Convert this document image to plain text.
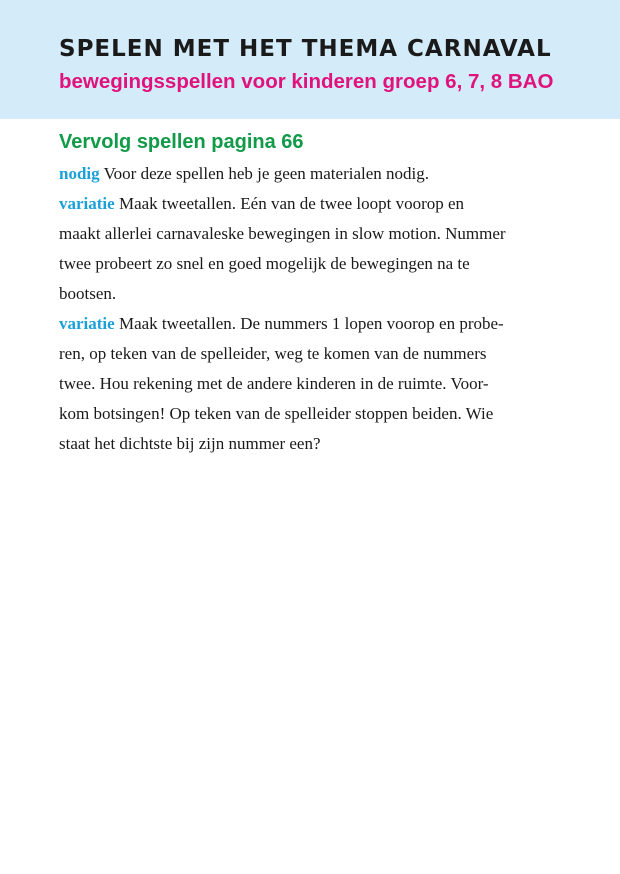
SPELEN MET HET THEMA CARNAVAL
bewegingsspellen voor kinderen groep 6, 7, 8 BAO
Vervolg spellen pagina 66
nodig Voor deze spellen heb je geen materialen nodig.
variatie Maak tweetallen. Eén van de twee loopt voorop en
maakt allerlei carnavaleske bewegingen in slow motion. Nummer
twee probeert zo snel en goed mogelijk de bewegingen na te
bootsen.
variatie Maak tweetallen. De nummers 1 lopen voorop en probe-
ren, op teken van de spelleider, weg te komen van de nummers
twee. Hou rekening met de andere kinderen in de ruimte. Voor-
kom botsingen! Op teken van de spelleider stoppen beiden. Wie
staat het dichtste bij zijn nummer een?
